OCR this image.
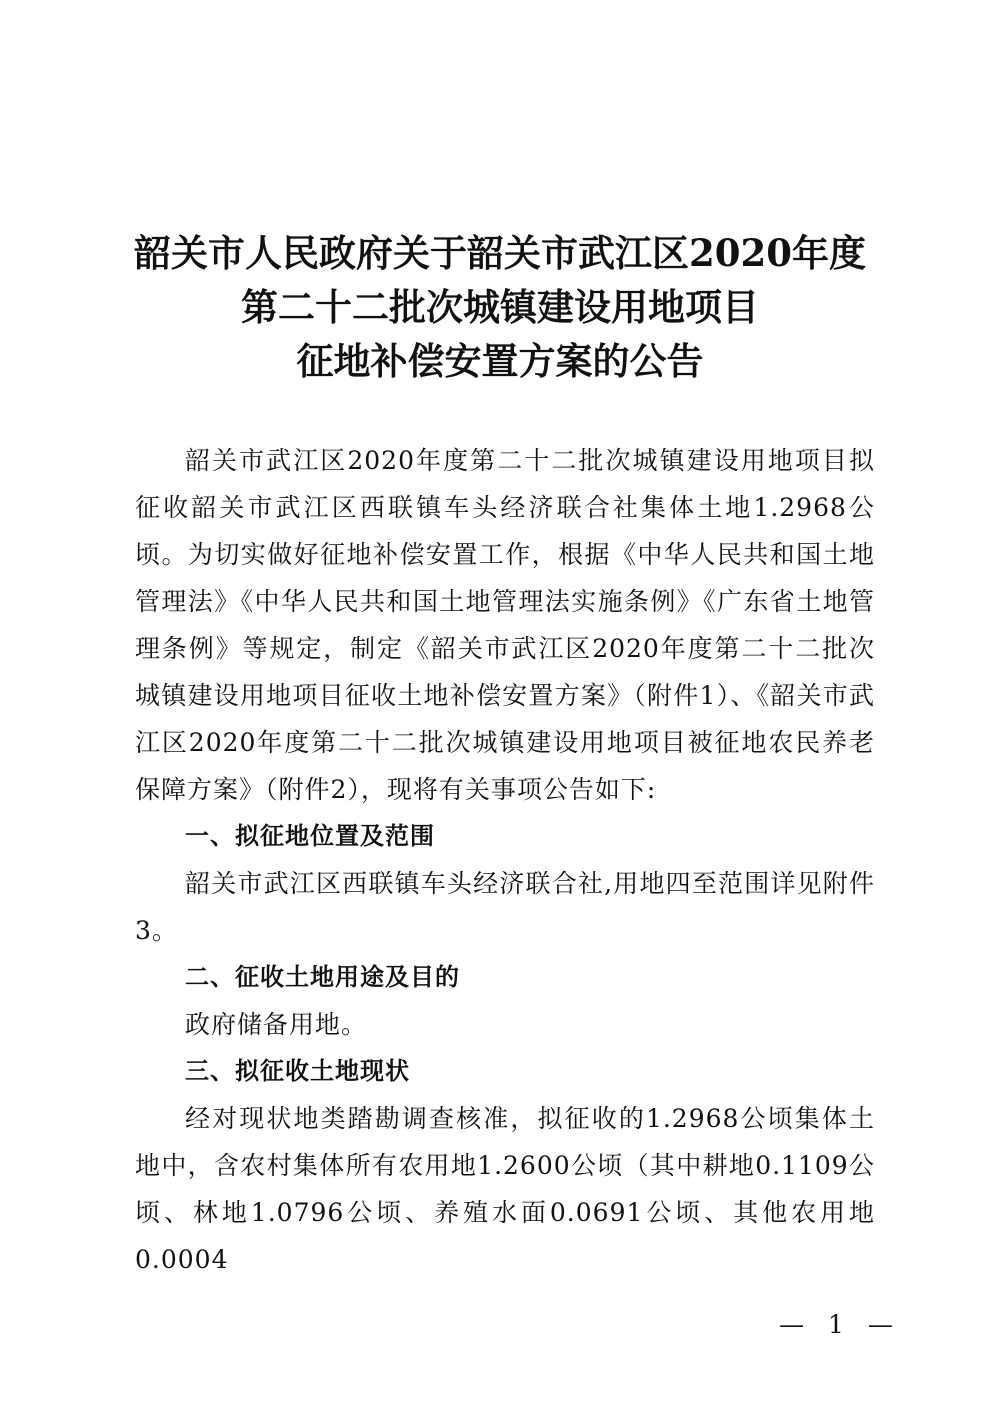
韶关市人民政府关于韶关市武江区2020年度
第二十二批次城镇建设用地项目
征地补偿安置方案的公告

韶关市武江区2020年度第二十二批次城镇建设用地项目拟征收韶关市武江区西联镇车头经济联合社集体土地1.2968公顷。为切实做好征地补偿安置工作，根据《中华人民共和国土地管理法》《中华人民共和国土地管理法实施条例》《广东省土地管理条例》等规定，制定《韶关市武江区2020年度第二十二批次城镇建设用地项目征收土地补偿安置方案》（附件1）、《韶关市武江区2020年度第二十二批次城镇建设用地项目被征地农民养老保障方案》（附件2），现将有关事项公告如下:

一、拟征地位置及范围

韶关市武江区西联镇车头经济联合社,用地四至范围详见附件3。

二、征收土地用途及目的

政府储备用地。

三、拟征收土地现状

经对现状地类踏勘调查核准，拟征收的1.2968公顷集体土地中，含农村集体所有农用地1.2600公顷（其中耕地0.1109公顷、林地1.0796公顷、养殖水面0.0691公顷、其他农用地0.0004

— 1 —
